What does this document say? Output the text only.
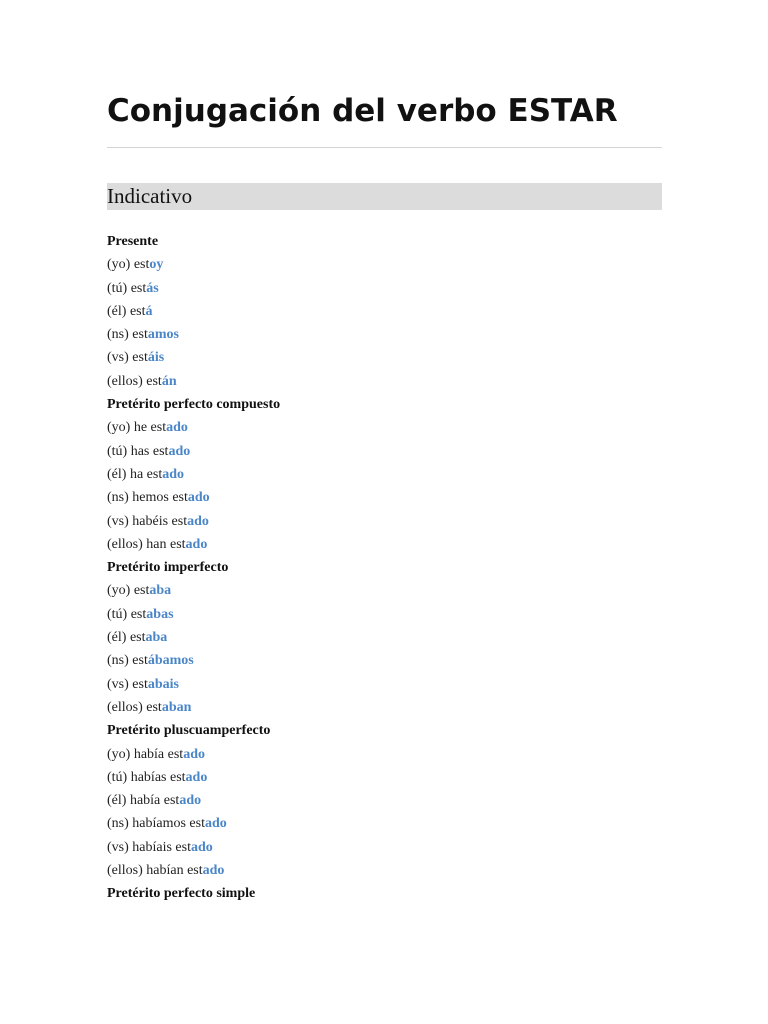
Conjugación del verbo ESTAR
Indicativo
Presente
(yo) estoy
(tú) estás
(él) está
(ns) estamos
(vs) estáis
(ellos) están
Pretérito perfecto compuesto
(yo) he estado
(tú) has estado
(él) ha estado
(ns) hemos estado
(vs) habéis estado
(ellos) han estado
Pretérito imperfecto
(yo) estaba
(tú) estabas
(él) estaba
(ns) estábamos
(vs) estabais
(ellos) estaban
Pretérito pluscuamperfecto
(yo) había estado
(tú) habías estado
(él) había estado
(ns) habíamos estado
(vs) habíais estado
(ellos) habían estado
Pretérito perfecto simple
